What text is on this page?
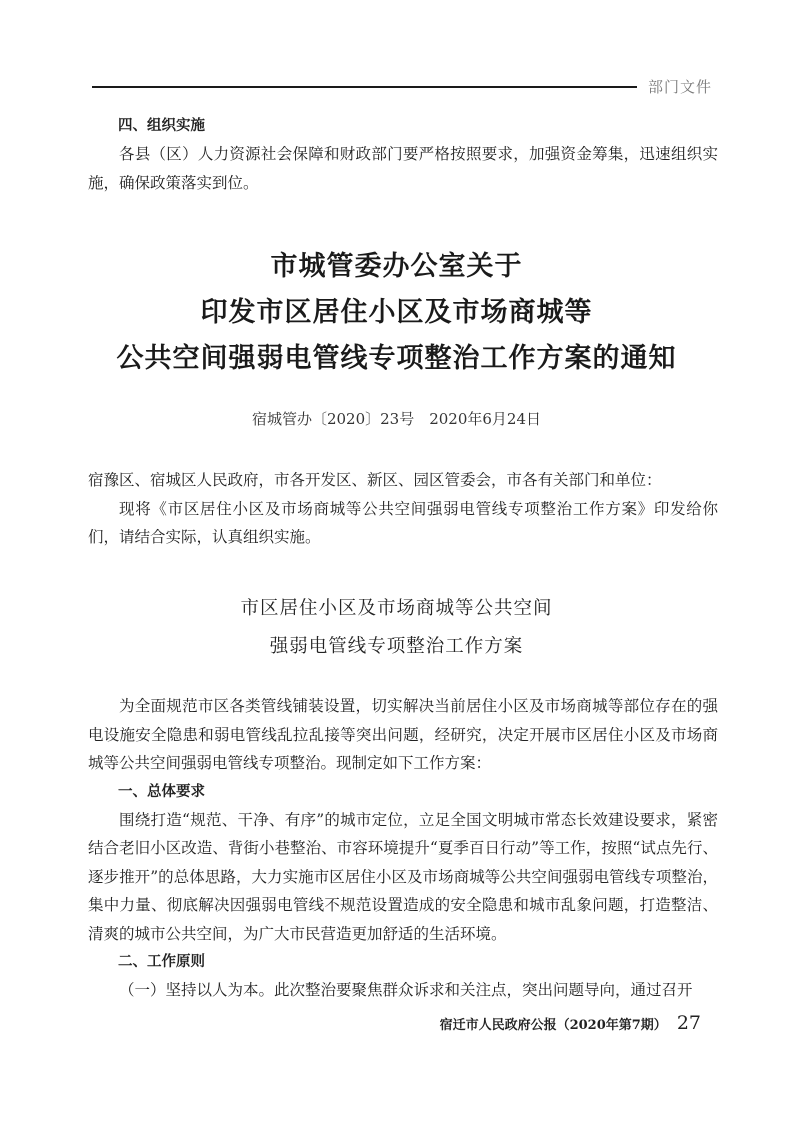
部门文件

四、组织实施

各县（区）人力资源社会保障和财政部门要严格按照要求，加强资金筹集，迅速组织实施，确保政策落实到位。

市城管委办公室关于
印发市区居住小区及市场商城等
公共空间强弱电管线专项整治工作方案的通知
宿城管办〔2020〕23号　2020年6月24日

宿豫区、宿城区人民政府，市各开发区、新区、园区管委会，市各有关部门和单位：

现将《市区居住小区及市场商城等公共空间强弱电管线专项整治工作方案》印发给你们，请结合实际，认真组织实施。

市区居住小区及市场商城等公共空间
强弱电管线专项整治工作方案

为全面规范市区各类管线铺装设置，切实解决当前居住小区及市场商城等部位存在的强电设施安全隐患和弱电管线乱拉乱接等突出问题，经研究，决定开展市区居住小区及市场商城等公共空间强弱电管线专项整治。现制定如下工作方案：

一、总体要求

围绕打造“规范、干净、有序”的城市定位，立足全国文明城市常态长效建设要求，紧密结合老旧小区改造、背街小巷整治、市容环境提升“夏季百日行动”等工作，按照“试点先行、逐步推开”的总体思路，大力实施市区居住小区及市场商城等公共空间强弱电管线专项整治，集中力量、彻底解决因强弱电管线不规范设置造成的安全隐患和城市乱象问题，打造整洁、清爽的城市公共空间，为广大市民营造更加舒适的生活环境。

二、工作原则

（一）坚持以人为本。此次整治要聚焦群众诉求和关注点，突出问题导向，通过召开

宿迁市人民政府公报（2020年第7期） 27
